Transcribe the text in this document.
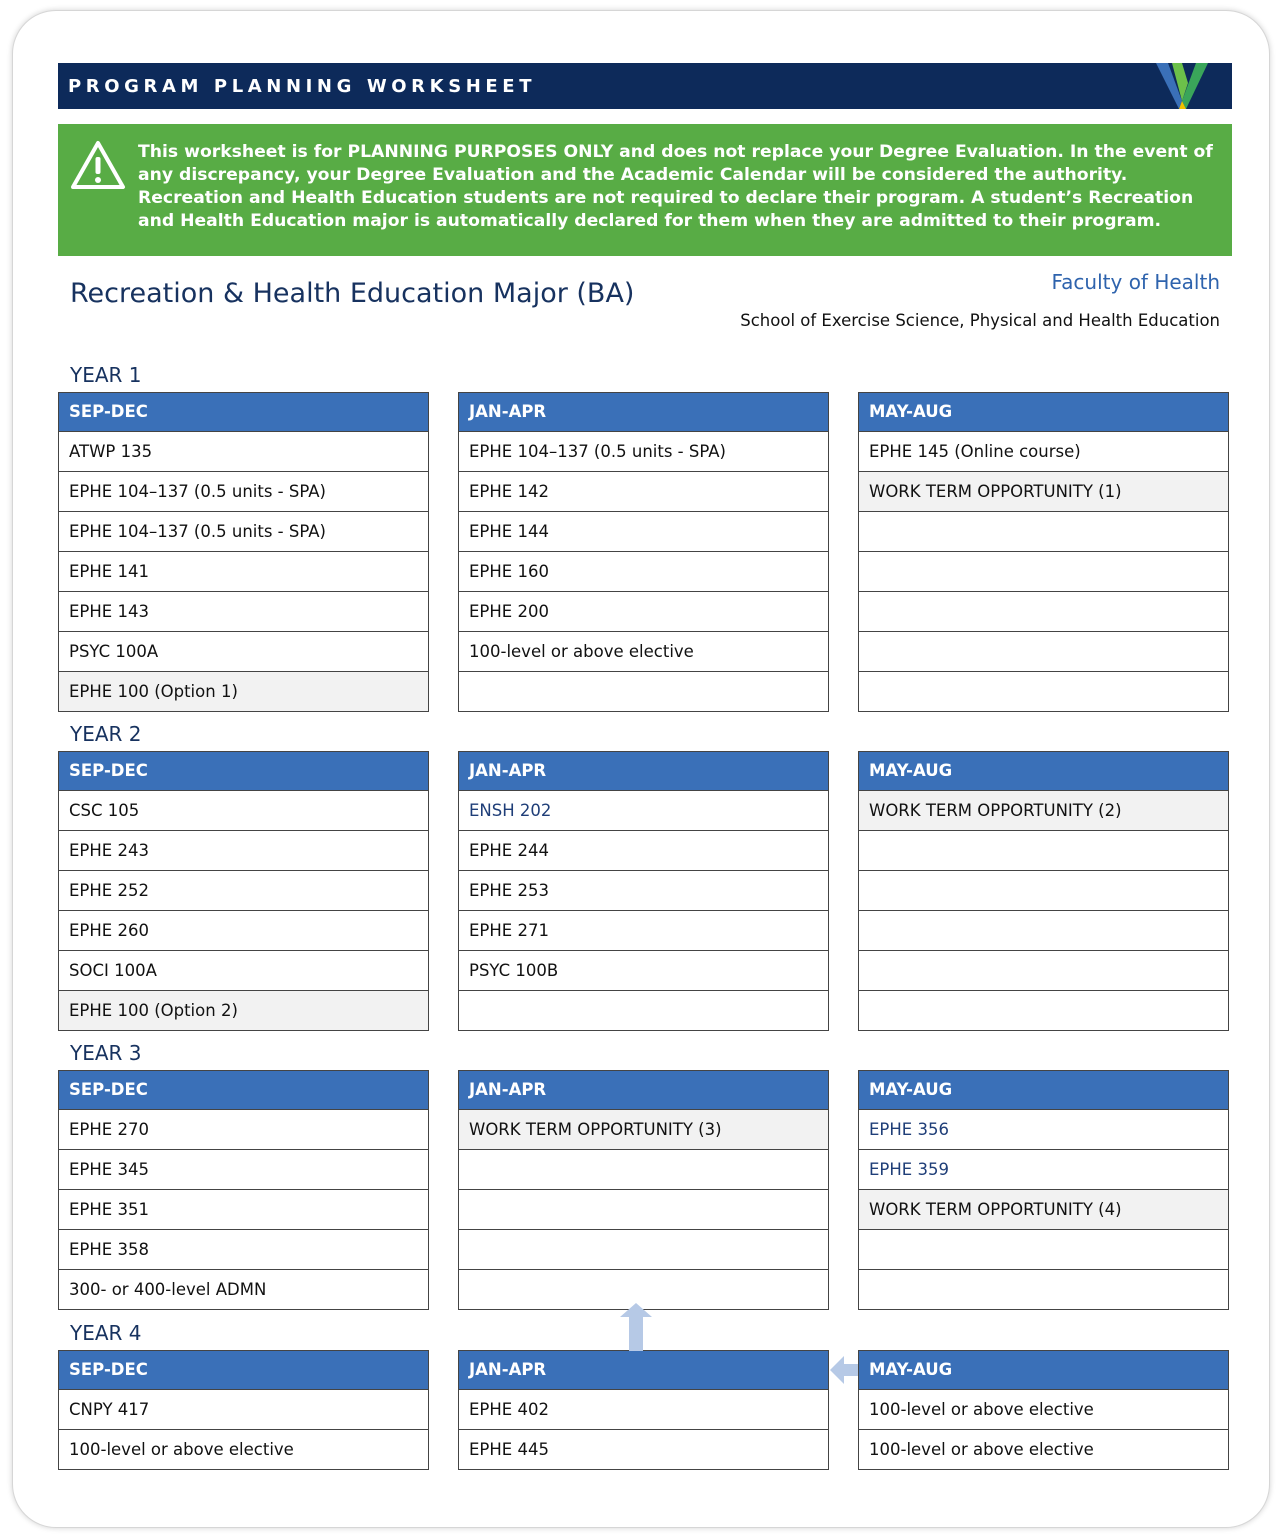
PROGRAM PLANNING WORKSHEET
This worksheet is for PLANNING PURPOSES ONLY and does not replace your Degree Evaluation. In the event of any discrepancy, your Degree Evaluation and the Academic Calendar will be considered the authority. Recreation and Health Education students are not required to declare their program. A student’s Recreation and Health Education major is automatically declared for them when they are admitted to their program.
Recreation & Health Education Major (BA)	Faculty of Health
School of Exercise Science, Physical and Health Education
YEAR 1
SEP-DEC
ATWP 135
EPHE 104–137 (0.5 units - SPA)
EPHE 104–137 (0.5 units - SPA)
EPHE 141
EPHE 143
PSYC 100A
EPHE 100 (Option 1)
JAN-APR
EPHE 104–137 (0.5 units - SPA)
EPHE 142
EPHE 144
EPHE 160
EPHE 200
100-level or above elective
MAY-AUG
EPHE 145 (Online course)
WORK TERM OPPORTUNITY (1)
YEAR 2
SEP-DEC
CSC 105
EPHE 243
EPHE 252
EPHE 260
SOCI 100A
EPHE 100 (Option 2)
JAN-APR
ENSH 202
EPHE 244
EPHE 253
EPHE 271
PSYC 100B
MAY-AUG
WORK TERM OPPORTUNITY (2)
YEAR 3
SEP-DEC
EPHE 270
EPHE 345
EPHE 351
EPHE 358
300- or 400-level ADMN
JAN-APR
WORK TERM OPPORTUNITY (3)
MAY-AUG
EPHE 356
EPHE 359
WORK TERM OPPORTUNITY (4)
YEAR 4
SEP-DEC
CNPY 417
100-level or above elective
JAN-APR
EPHE 402
EPHE 445
MAY-AUG
100-level or above elective
100-level or above elective
